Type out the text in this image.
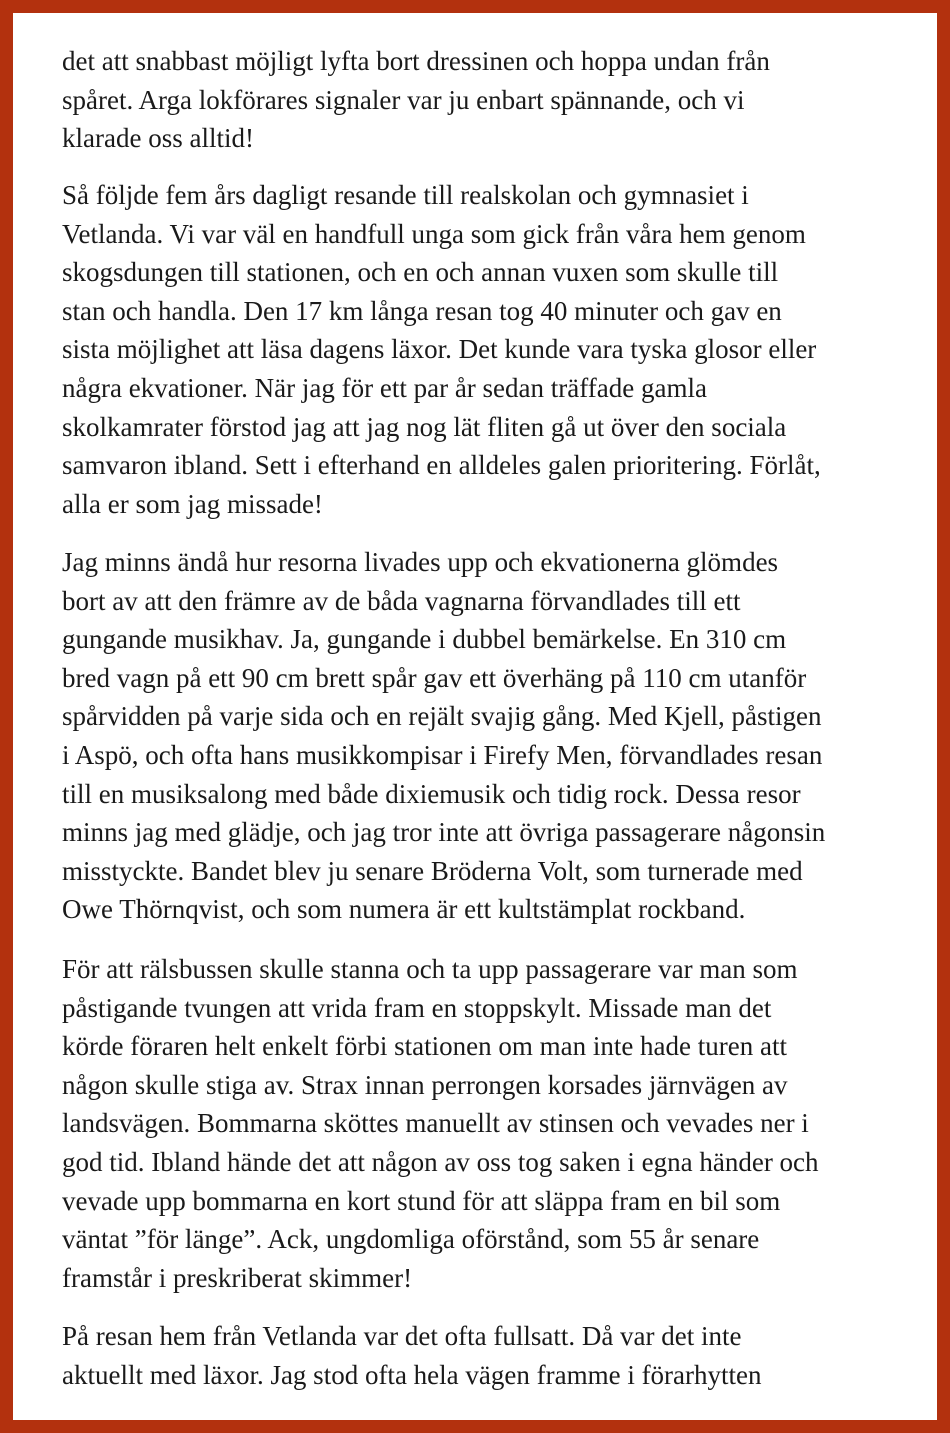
det att snabbast möjligt lyfta bort dressinen och hoppa undan från
spåret. Arga lokförares signaler var ju enbart spännande, och vi
klarade oss alltid!

Så följde fem års dagligt resande till realskolan och gymnasiet i
Vetlanda. Vi var väl en handfull unga som gick från våra hem genom
skogsdungen till stationen, och en och annan vuxen som skulle till
stan och handla. Den 17 km långa resan tog 40 minuter och gav en
sista möjlighet att läsa dagens läxor. Det kunde vara tyska glosor eller
några ekvationer. När jag för ett par år sedan träffade gamla
skolkamrater förstod jag att jag nog lät fliten gå ut över den sociala
samvaron ibland. Sett i efterhand en alldeles galen prioritering. Förlåt,
alla er som jag missade!

Jag minns ändå hur resorna livades upp och ekvationerna glömdes
bort av att den främre av de båda vagnarna förvandlades till ett
gungande musikhav. Ja, gungande i dubbel bemärkelse. En 310 cm
bred vagn på ett 90 cm brett spår gav ett överhäng på 110 cm utanför
spårvidden på varje sida och en rejält svajig gång. Med Kjell, påstigen
i Aspö, och ofta hans musikkompisar i Firefy Men, förvandlades resan
till en musiksalong med både dixiemusik och tidig rock. Dessa resor
minns jag med glädje, och jag tror inte att övriga passagerare någonsin
misstyckte. Bandet blev ju senare Bröderna Volt, som turnerade med
Owe Thörnqvist, och som numera är ett kultstämplat rockband.

För att rälsbussen skulle stanna och ta upp passagerare var man som
påstigande tvungen att vrida fram en stoppskylt. Missade man det
körde föraren helt enkelt förbi stationen om man inte hade turen att
någon skulle stiga av. Strax innan perrongen korsades järnvägen av
landsvägen. Bommarna sköttes manuellt av stinsen och vevades ner i
god tid. Ibland hände det att någon av oss tog saken i egna händer och
vevade upp bommarna en kort stund för att släppa fram en bil som
väntat ”för länge”. Ack, ungdomliga oförstånd, som 55 år senare
framstår i preskriberat skimmer!

På resan hem från Vetlanda var det ofta fullsatt. Då var det inte
aktuellt med läxor. Jag stod ofta hela vägen framme i förarhytten
